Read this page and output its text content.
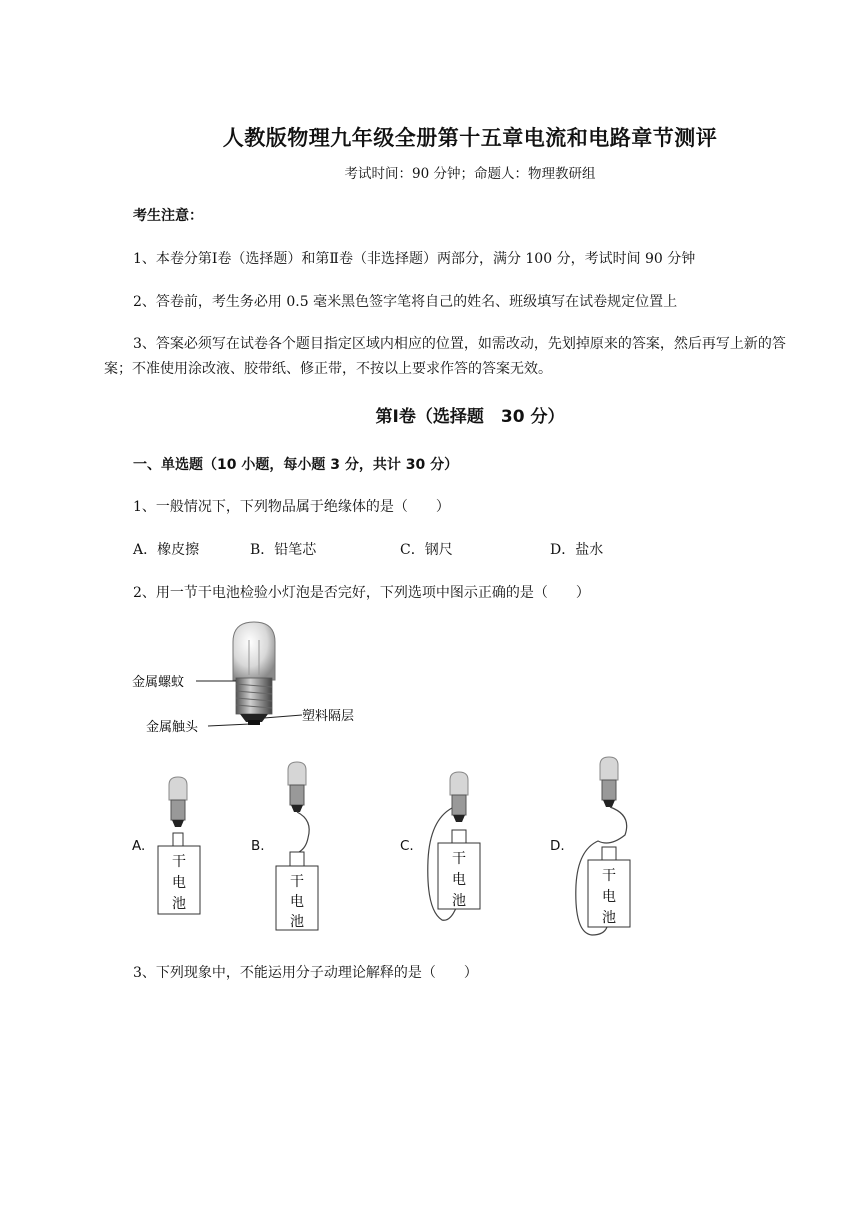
人教版物理九年级全册第十五章电流和电路章节测评
考试时间：90 分钟；命题人：物理教研组
考生注意：
1、本卷分第Ⅰ卷（选择题）和第Ⅱ卷（非选择题）两部分，满分 100 分，考试时间 90 分钟
2、答卷前，考生务必用 0.5 毫米黑色签字笔将自己的姓名、班级填写在试卷规定位置上
3、答案必须写在试卷各个题目指定区域内相应的位置，如需改动，先划掉原来的答案，然后再写上新的答案；不准使用涂改液、胶带纸、修正带，不按以上要求作答的答案无效。
第Ⅰ卷（选择题　30 分）
一、单选题（10 小题，每小题 3 分，共计 30 分）
1、一般情况下，下列物品属于绝缘体的是（　　）
A．橡皮擦	B．铅笔芯	C．钢尺	D．盐水
2、用一节干电池检验小灯泡是否完好，下列选项中图示正确的是（　　）
金属螺蚊
金属触头
塑料隔层
A.	B.	C.	D.
干
电
池
干
电
池
干
电
池
干
电
池
3、下列现象中，不能运用分子动理论解释的是（　　）
